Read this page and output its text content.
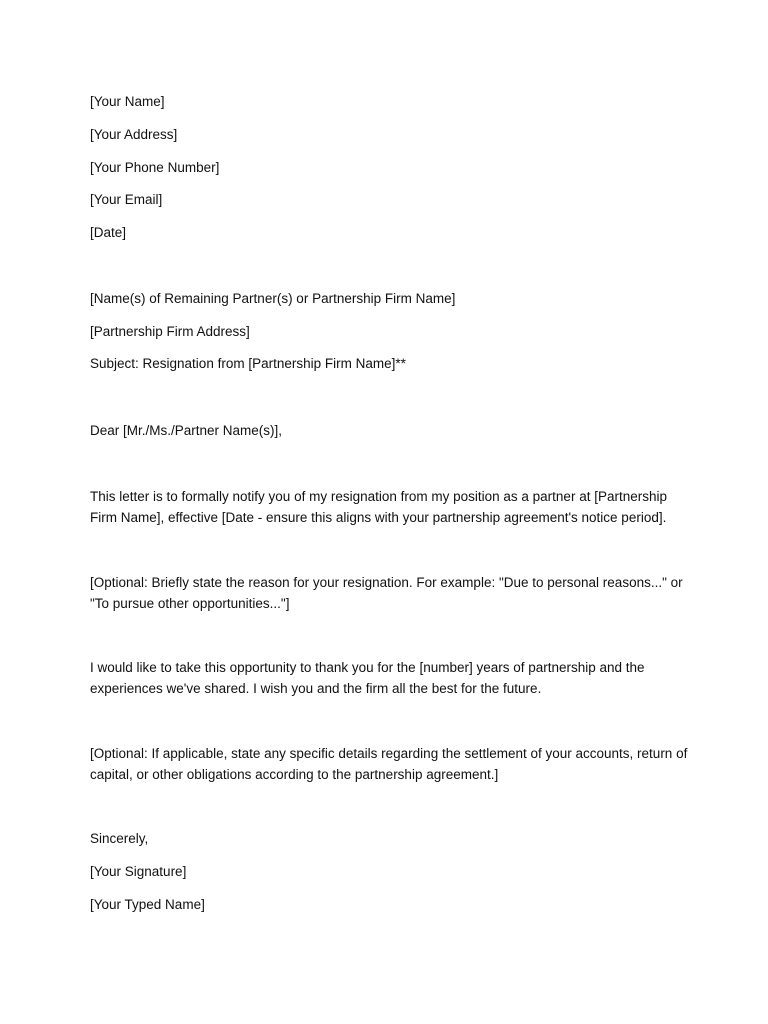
[Your Name]
[Your Address]
[Your Phone Number]
[Your Email]
[Date]
[Name(s) of Remaining Partner(s) or Partnership Firm Name]
[Partnership Firm Address]
Subject: Resignation from [Partnership Firm Name]**
Dear [Mr./Ms./Partner Name(s)],
This letter is to formally notify you of my resignation from my position as a partner at [Partnership Firm Name], effective [Date - ensure this aligns with your partnership agreement's notice period].
[Optional: Briefly state the reason for your resignation. For example: "Due to personal reasons..." or "To pursue other opportunities..."]
I would like to take this opportunity to thank you for the [number] years of partnership and the experiences we've shared. I wish you and the firm all the best for the future.
[Optional: If applicable, state any specific details regarding the settlement of your accounts, return of capital, or other obligations according to the partnership agreement.]
Sincerely,
[Your Signature]
[Your Typed Name]
